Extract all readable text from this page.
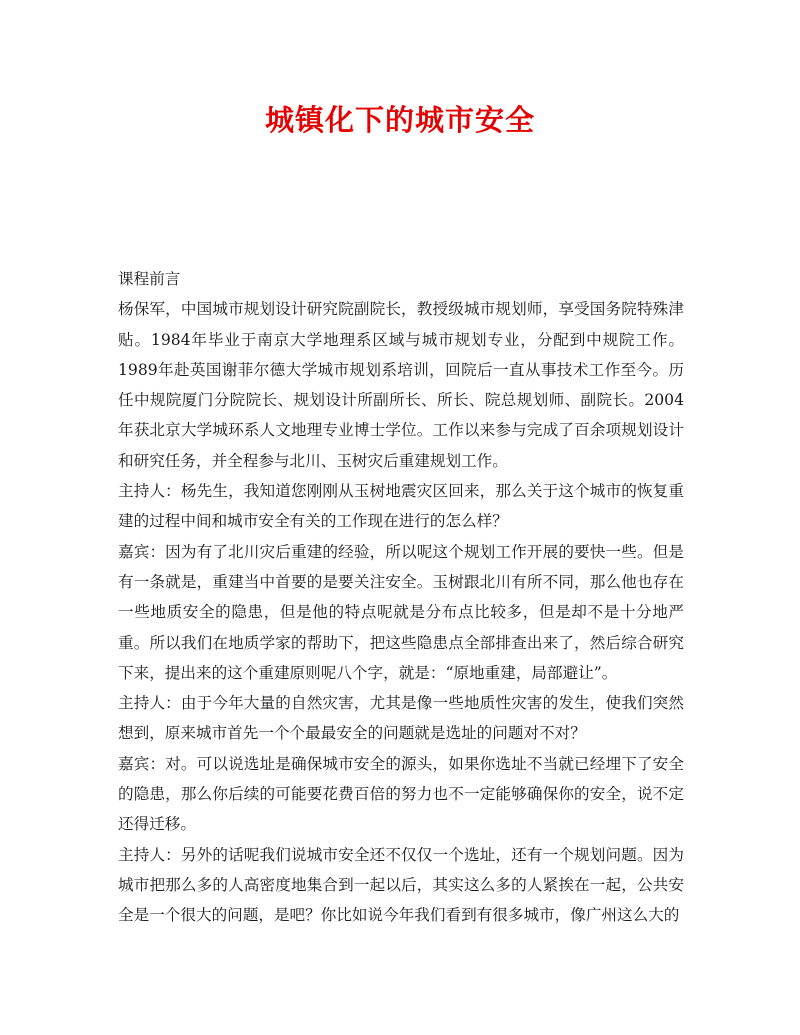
城镇化下的城市安全

课程前言

杨保军，中国城市规划设计研究院副院长，教授级城市规划师，享受国务院特殊津贴。1984年毕业于南京大学地理系区域与城市规划专业，分配到中规院工作。1989年赴英国谢菲尔德大学城市规划系培训，回院后一直从事技术工作至今。历任中规院厦门分院院长、规划设计所副所长、所长、院总规划师、副院长。2004年获北京大学城环系人文地理专业博士学位。工作以来参与完成了百余项规划设计和研究任务，并全程参与北川、玉树灾后重建规划工作。

主持人：杨先生，我知道您刚刚从玉树地震灾区回来，那么关于这个城市的恢复重建的过程中间和城市安全有关的工作现在进行的怎么样？

嘉宾：因为有了北川灾后重建的经验，所以呢这个规划工作开展的要快一些。但是有一条就是，重建当中首要的是要关注安全。玉树跟北川有所不同，那么他也存在一些地质安全的隐患，但是他的特点呢就是分布点比较多，但是却不是十分地严重。所以我们在地质学家的帮助下，把这些隐患点全部排查出来了，然后综合研究下来，提出来的这个重建原则呢八个字，就是：“原地重建，局部避让”。

主持人：由于今年大量的自然灾害，尤其是像一些地质性灾害的发生，使我们突然想到，原来城市首先一个个最最安全的问题就是选址的问题对不对？

嘉宾：对。可以说选址是确保城市安全的源头，如果你选址不当就已经埋下了安全的隐患，那么你后续的可能要花费百倍的努力也不一定能够确保你的安全，说不定还得迁移。

主持人：另外的话呢我们说城市安全还不仅仅一个选址，还有一个规划问题。因为城市把那么多的人高密度地集合到一起以后，其实这么多的人紧挨在一起，公共安全是一个很大的问题，是吧？你比如说今年我们看到有很多城市，像广州这么大的
